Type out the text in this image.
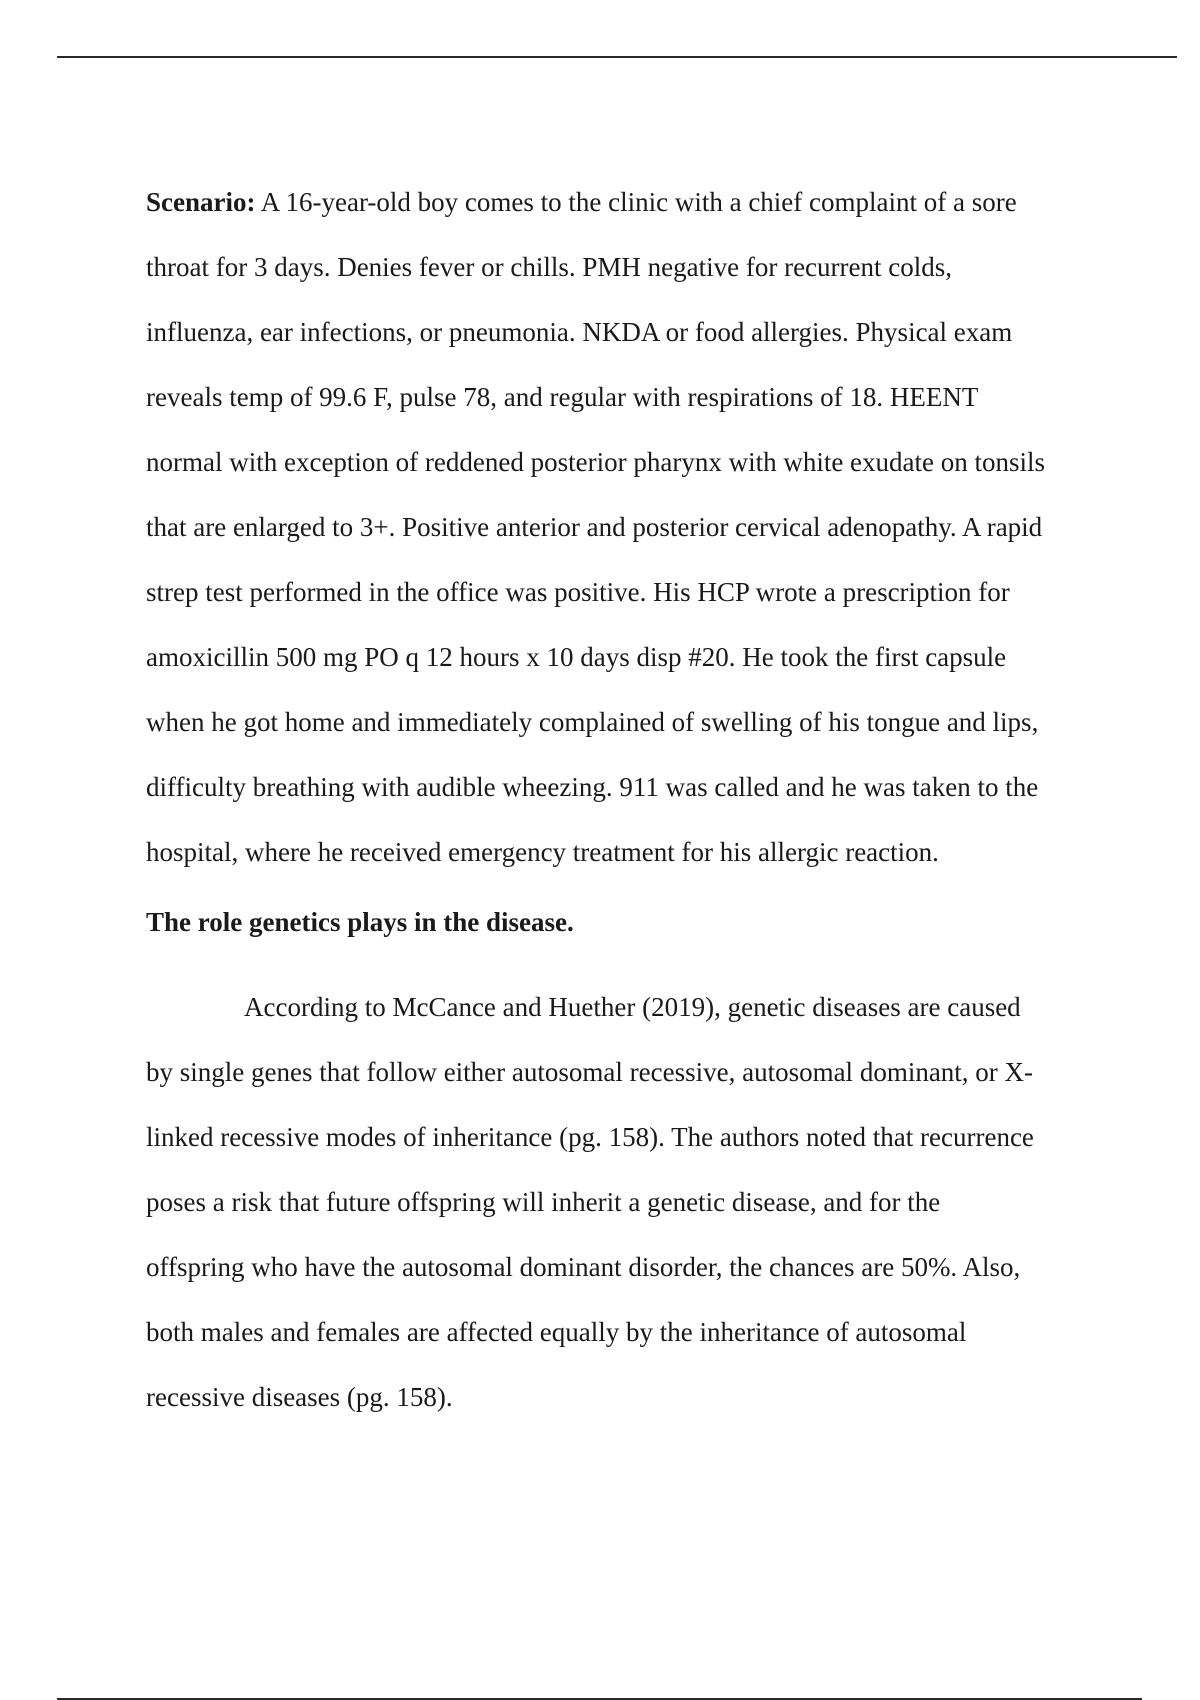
Scenario: A 16-year-old boy comes to the clinic with a chief complaint of a sore
throat for 3 days. Denies fever or chills. PMH negative for recurrent colds,
influenza, ear infections, or pneumonia. NKDA or food allergies. Physical exam
reveals temp of 99.6 F, pulse 78, and regular with respirations of 18. HEENT
normal with exception of reddened posterior pharynx with white exudate on tonsils
that are enlarged to 3+. Positive anterior and posterior cervical adenopathy. A rapid
strep test performed in the office was positive. His HCP wrote a prescription for
amoxicillin 500 mg PO q 12 hours x 10 days disp #20. He took the first capsule
when he got home and immediately complained of swelling of his tongue and lips,
difficulty breathing with audible wheezing. 911 was called and he was taken to the
hospital, where he received emergency treatment for his allergic reaction.
The role genetics plays in the disease.
According to McCance and Huether (2019), genetic diseases are caused
by single genes that follow either autosomal recessive, autosomal dominant, or X-
linked recessive modes of inheritance (pg. 158). The authors noted that recurrence
poses a risk that future offspring will inherit a genetic disease, and for the
offspring who have the autosomal dominant disorder, the chances are 50%. Also,
both males and females are affected equally by the inheritance of autosomal
recessive diseases (pg. 158).
